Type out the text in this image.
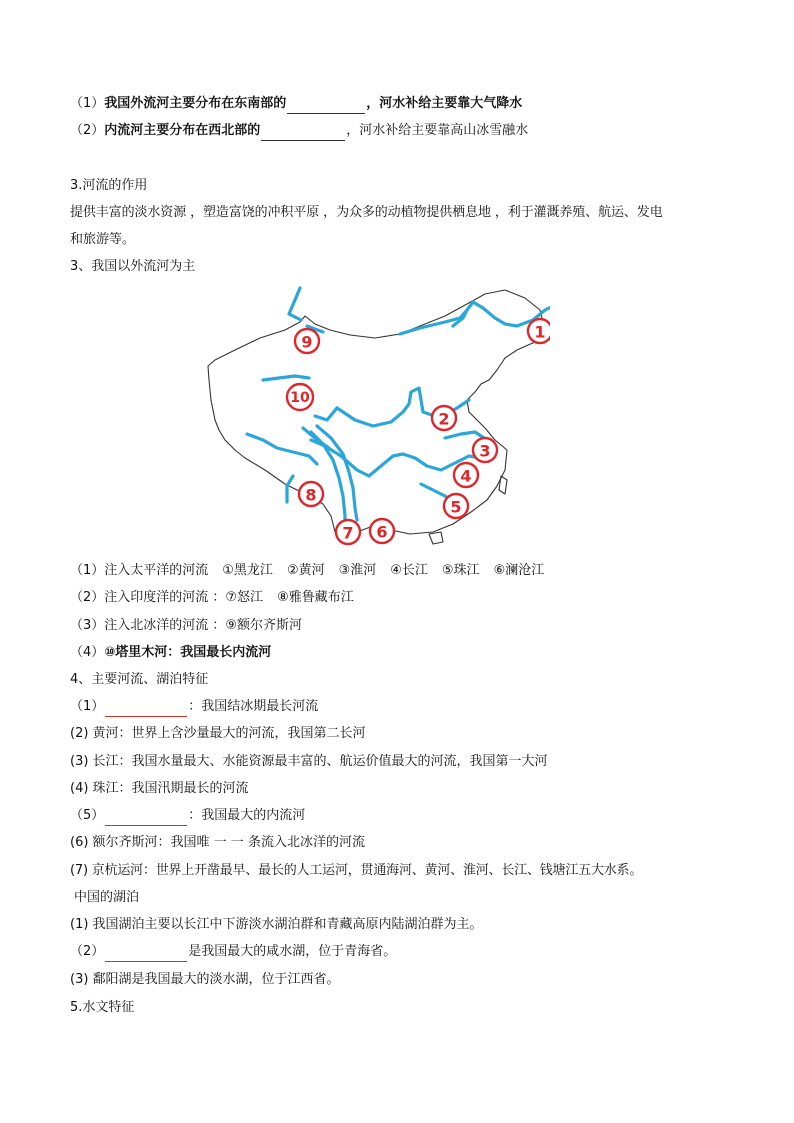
（1）我国外流河主要分布在东南部的	，河水补给主要靠大气降水
（2）内流河主要分布在西北部的	，河水补给主要靠高山冰雪融水
3.河流的作用
提供丰富的淡水资源 ，塑造富饶的冲积平原 ，为众多的动植物提供栖息地 ，利于灌溉养殖、航运、发电
和旅游等。
3、我国以外流河为主
1
2
3
4
5
6
7
8
9
10
（1）注入太平洋的河流 ①黑龙江 ②黄河 ③淮河 ④长江 ⑤珠江 ⑥澜沧江
（2）注入印度洋的河流 ：⑦怒江 ⑧雅鲁藏布江
（3）注入北冰洋的河流 ：⑨额尔齐斯河
（4）⑩塔里木河：我国最长内流河
4、主要河流、湖泊特征
（1）	：我国结冰期最长河流
(2) 黄河：世界上含沙量最大的河流，我国第二长河
(3) 长江：我国水量最大、水能资源最丰富的、航运价值最大的河流，我国第一大河
(4) 珠江：我国汛期最长的河流
（5）	：我国最大的内流河
(6) 额尔齐斯河：我国唯 一 一 条流入北冰洋的河流
(7) 京杭运河：世界上开凿最早、最长的人工运河，贯通海河、黄河、淮河、长江、钱塘江五大水系。
中国的湖泊
(1) 我国湖泊主要以长江中下游淡水湖泊群和青藏高原内陆湖泊群为主。
（2）	是我国最大的咸水湖，位于青海省。
(3) 鄱阳湖是我国最大的淡水湖，位于江西省。
5.水文特征
